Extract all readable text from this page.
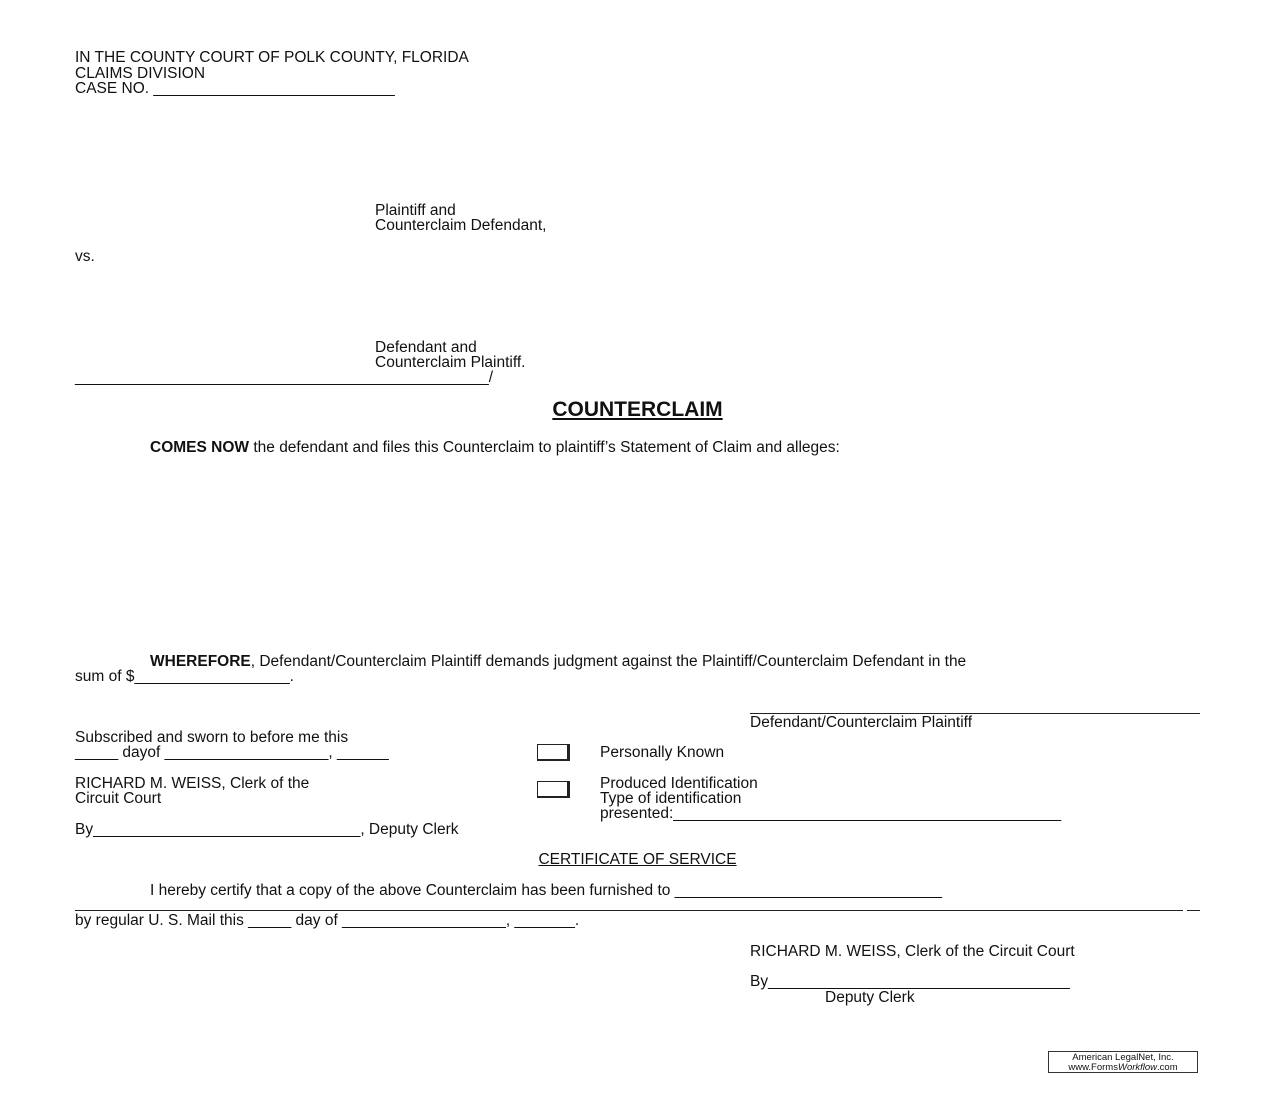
IN THE COUNTY COURT OF POLK COUNTY, FLORIDA
CLAIMS DIVISION
CASE NO. ____________________________
Plaintiff and
Counterclaim Defendant,
vs.
Defendant and
Counterclaim Plaintiff.
________________________________________________/
COUNTERCLAIM
COMES NOW the defendant and files this Counterclaim to plaintiff’s Statement of Claim and alleges:
WHEREFORE, Defendant/Counterclaim Plaintiff demands judgment against the Plaintiff/Counterclaim Defendant in the
sum of $__________________.
Defendant/Counterclaim Plaintiff
Subscribed and sworn to before me this
_____ dayof ___________________, ______
RICHARD M. WEISS, Clerk of the
Circuit Court
By_______________________________, Deputy Clerk
Personally Known
Produced Identification
Type of identification
presented:_____________________________________________
CERTIFICATE OF SERVICE
I hereby certify that a copy of the above Counterclaim has been furnished to _______________________________
by regular U. S. Mail this _____ day of ___________________, _______.
RICHARD M. WEISS, Clerk of the Circuit Court
By___________________________________
Deputy Clerk
American LegalNet, Inc.
www.FormsWorkflow.com
